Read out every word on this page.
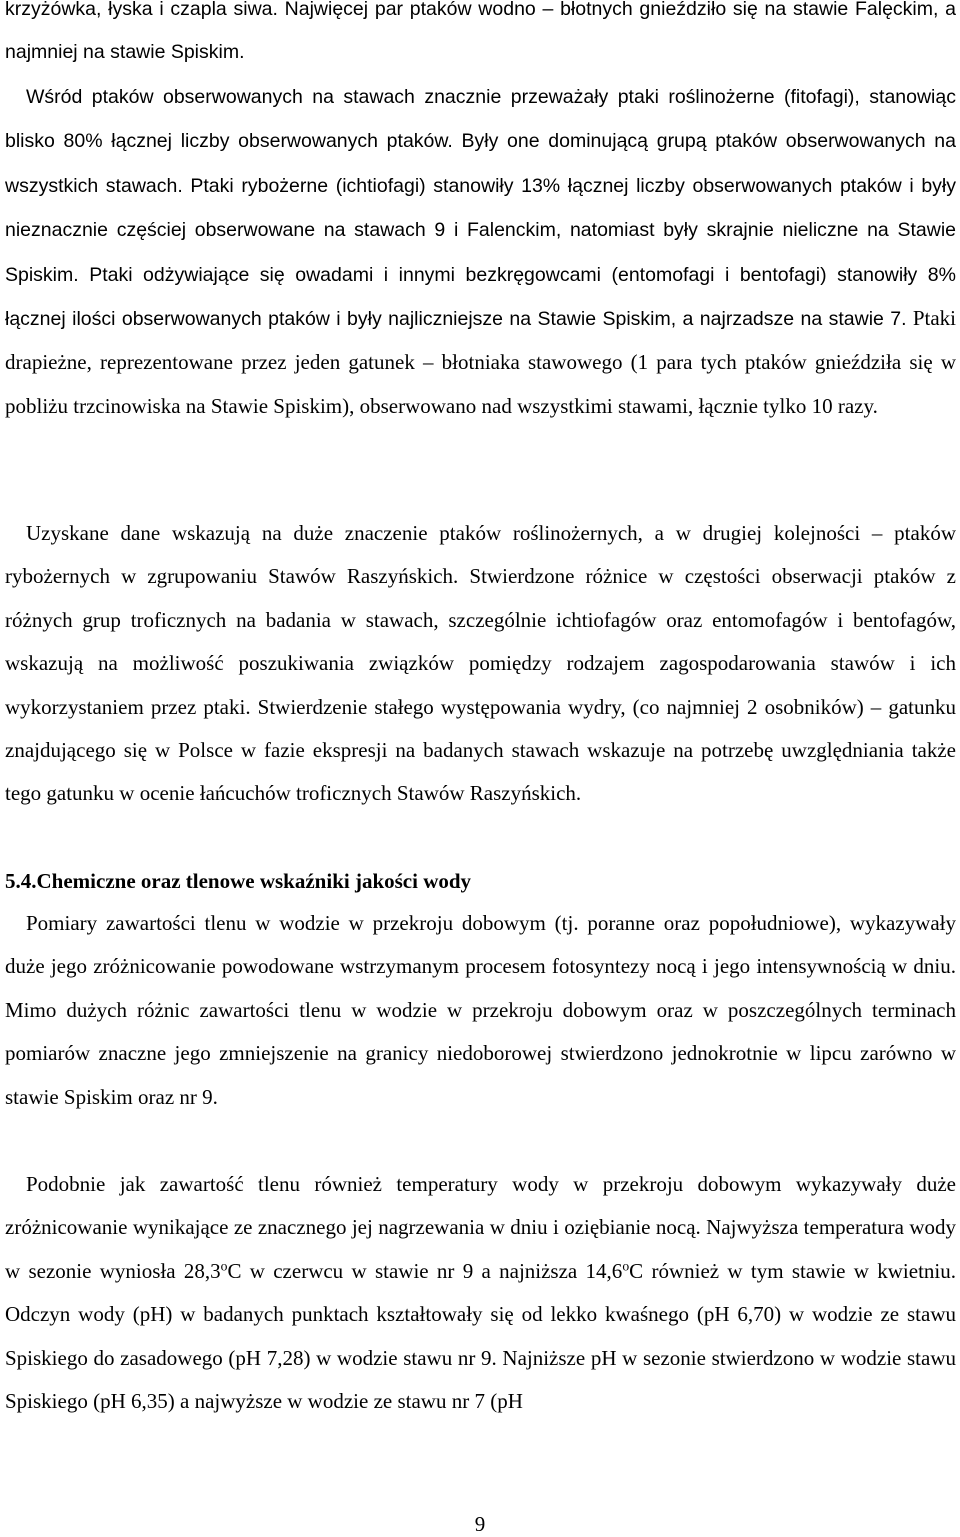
krzyżówka, łyska i czapla siwa. Najwięcej par ptaków wodno – błotnych gnieździło się na stawie Falęckim, a najmniej na stawie Spiskim.

Wśród ptaków obserwowanych na stawach znacznie przeważały ptaki roślinożerne (fitofagi), stanowiąc blisko 80% łącznej liczby obserwowanych ptaków. Były one dominującą grupą ptaków obserwowanych na wszystkich stawach. Ptaki rybożerne (ichtiofagi) stanowiły 13% łącznej liczby obserwowanych ptaków i były nieznacznie częściej obserwowane na stawach 9 i Falenckim, natomiast były skrajnie nieliczne na Stawie Spiskim. Ptaki odżywiające się owadami i innymi bezkręgowcami (entomofagi i bentofagi) stanowiły 8% łącznej ilości obserwowanych ptaków i były najliczniejsze na Stawie Spiskim, a najrzadsze na stawie 7. Ptaki drapieżne, reprezentowane przez jeden gatunek – błotniaka stawowego (1 para tych ptaków gnieździła się w pobliżu trzcinowiska na Stawie Spiskim), obserwowano nad wszystkimi stawami, łącznie tylko 10 razy.

Uzyskane dane wskazują na duże znaczenie ptaków roślinożernych, a w drugiej kolejności – ptaków rybożernych w zgrupowaniu Stawów Raszyńskich. Stwierdzone różnice w częstości obserwacji ptaków z różnych grup troficznych na badania w stawach, szczególnie ichtiofagów oraz entomofagów i bentofagów, wskazują na możliwość poszukiwania związków pomiędzy rodzajem zagospodarowania stawów i ich wykorzystaniem przez ptaki. Stwierdzenie stałego występowania wydry, (co najmniej 2 osobników) – gatunku znajdującego się w Polsce w fazie ekspresji na badanych stawach wskazuje na potrzebę uwzględniania także tego gatunku w ocenie łańcuchów troficznych Stawów Raszyńskich.

5.4.Chemiczne oraz tlenowe wskaźniki jakości wody

Pomiary zawartości tlenu w wodzie w przekroju dobowym (tj. poranne oraz popołudniowe), wykazywały duże jego zróżnicowanie powodowane wstrzymanym procesem fotosyntezy nocą i jego intensywnością w dniu. Mimo dużych różnic zawartości tlenu w wodzie w przekroju dobowym oraz w poszczególnych terminach pomiarów znaczne jego zmniejszenie na granicy niedoborowej stwierdzono jednokrotnie w lipcu zarówno w stawie Spiskim oraz nr 9.

Podobnie jak zawartość tlenu również temperatury wody w przekroju dobowym wykazywały duże zróżnicowanie wynikające ze znacznego jej nagrzewania w dniu i oziębianie nocą. Najwyższa temperatura wody w sezonie wyniosła 28,3$^o$C w czerwcu w stawie nr 9 a najniższa 14,6$^o$C również w tym stawie w kwietniu. Odczyn wody (pH) w badanych punktach kształtowały się od lekko kwaśnego (pH 6,70) w wodzie ze stawu Spiskiego do zasadowego (pH 7,28) w wodzie stawu nr 9. Najniższe pH w sezonie stwierdzono w wodzie stawu Spiskiego (pH 6,35) a najwyższe w wodzie ze stawu nr 7 (pH

9
